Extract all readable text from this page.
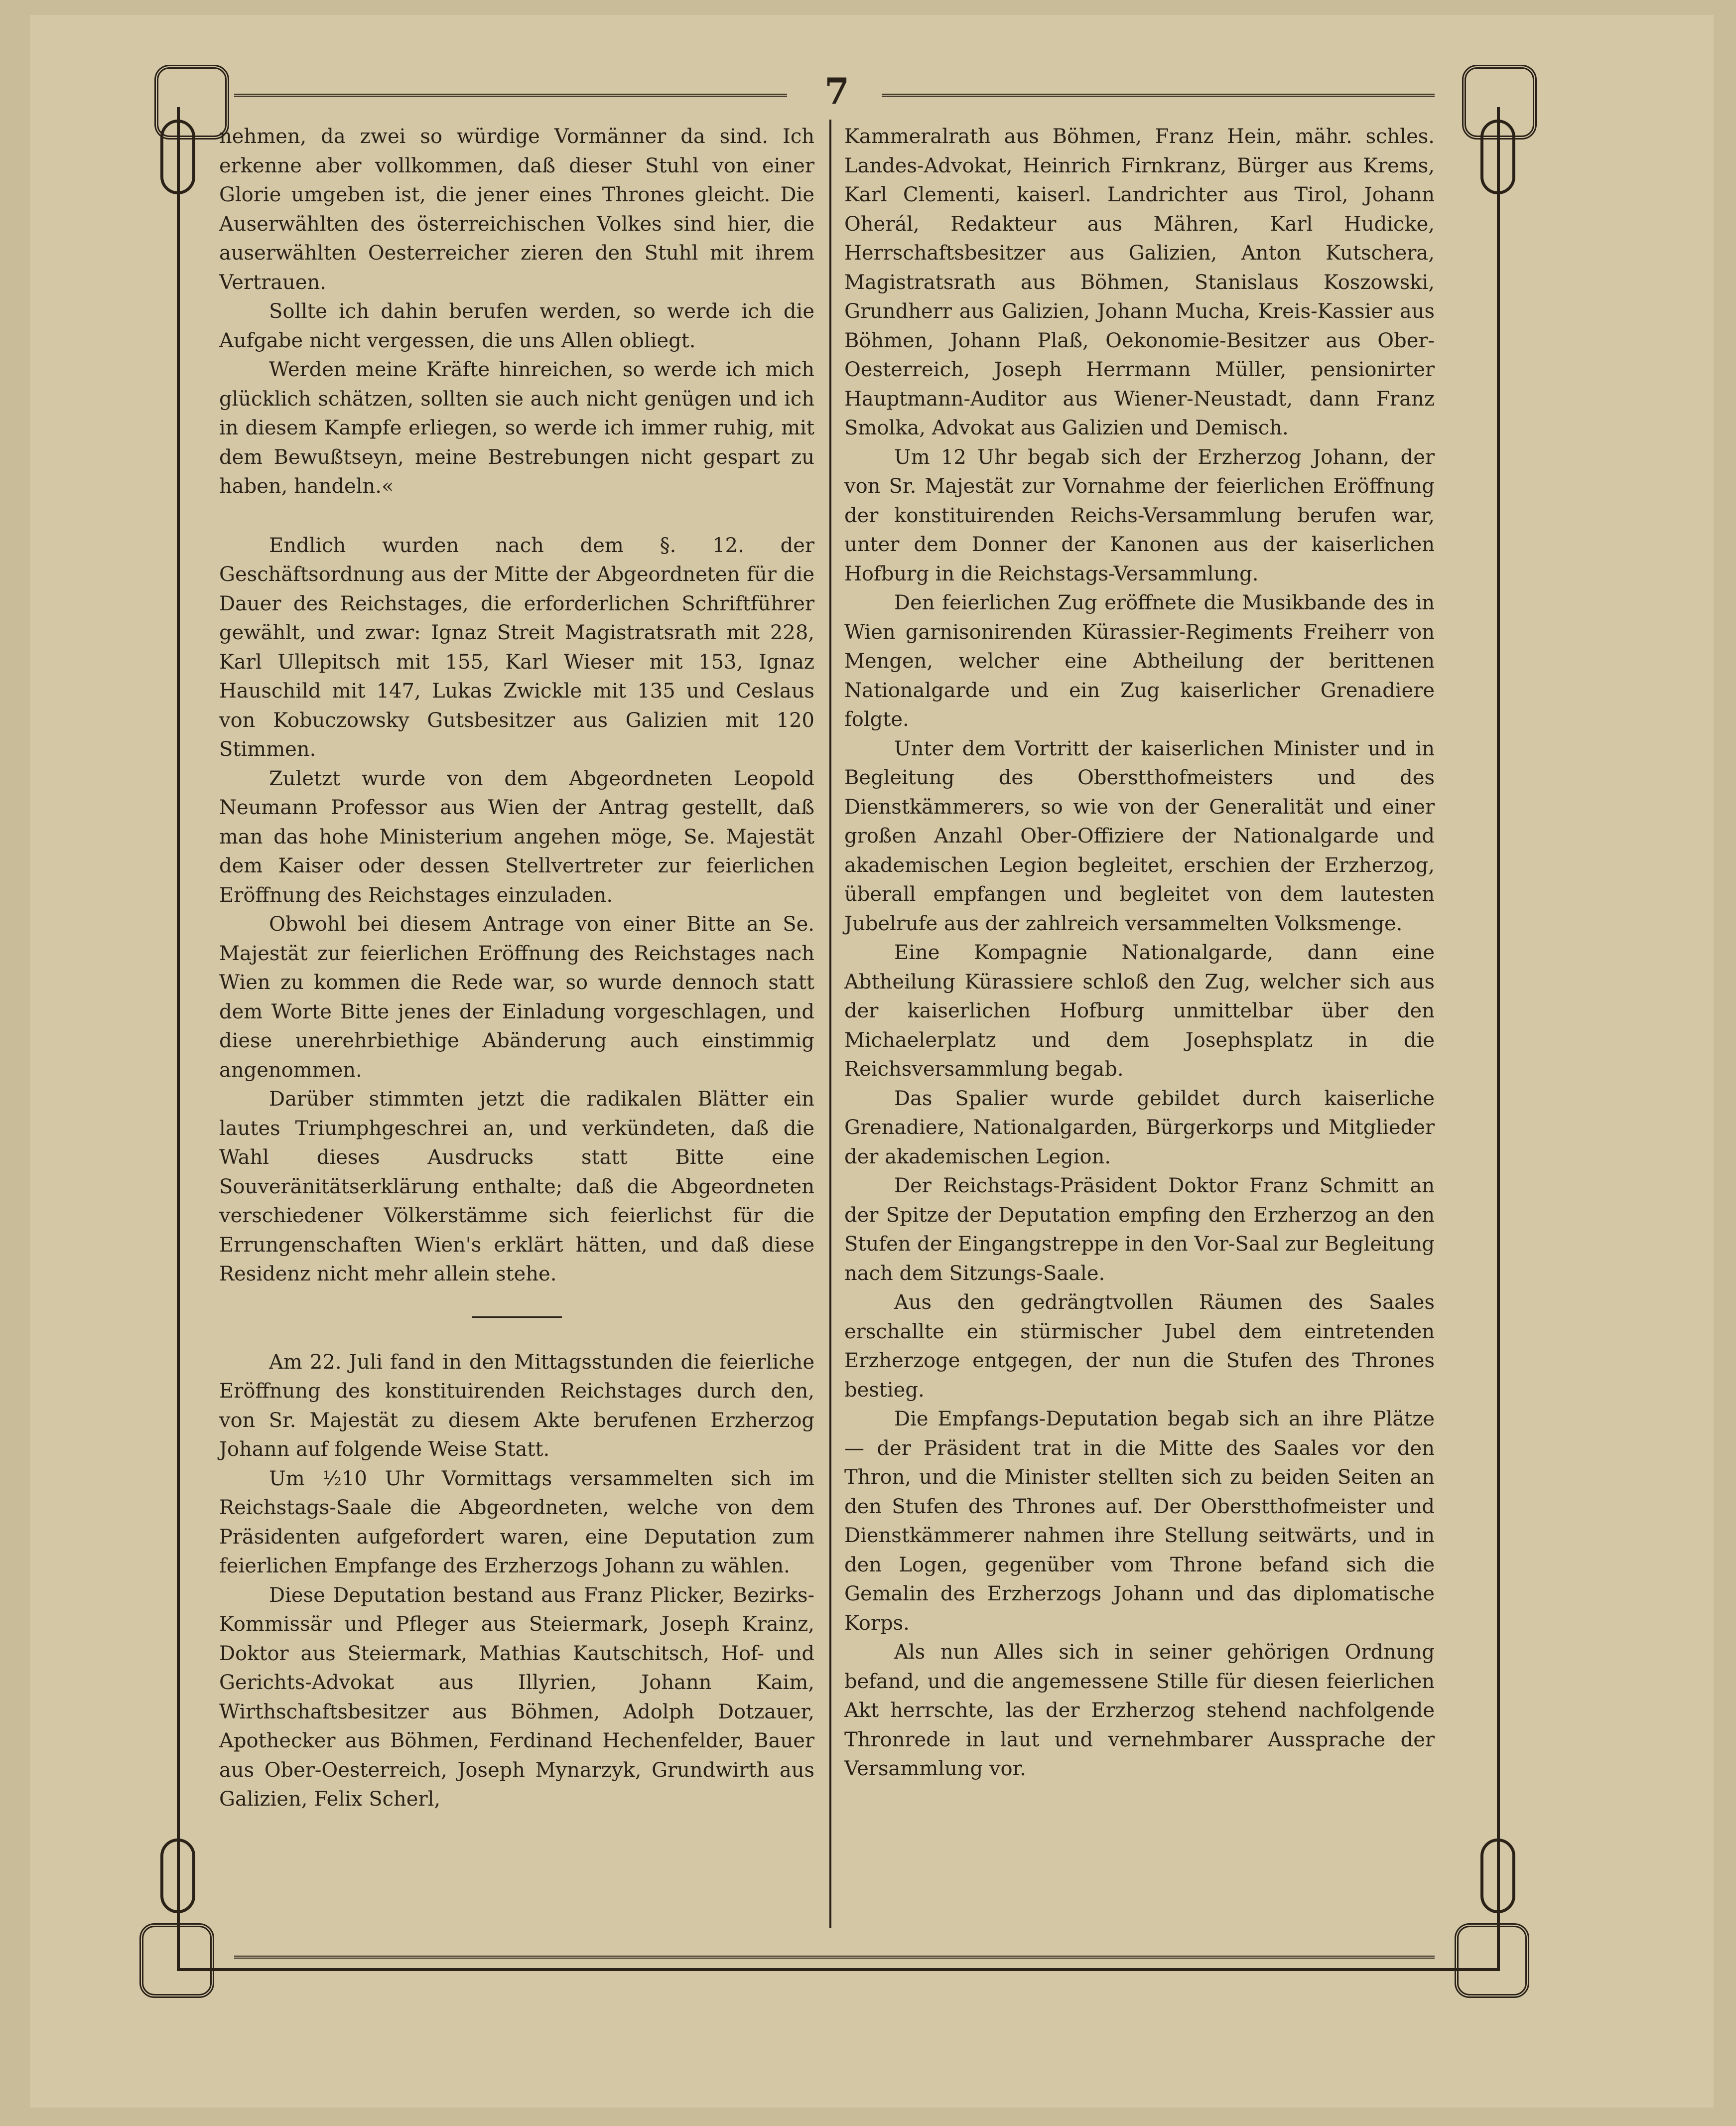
7

nehmen, da zwei so würdige Vormänner da sind. Ich erkenne aber vollkommen, daß dieser Stuhl von einer Glorie umgeben ist, die jener eines Thrones gleicht. Die Auserwählten des österreichischen Volkes sind hier, die auserwählten Oesterreicher zieren den Stuhl mit ihrem Vertrauen.

Sollte ich dahin berufen werden, so werde ich die Aufgabe nicht vergessen, die uns Allen obliegt.

Werden meine Kräfte hinreichen, so werde ich mich glücklich schätzen, sollten sie auch nicht genügen und ich in diesem Kampfe erliegen, so werde ich immer ruhig, mit dem Bewußtseyn, meine Bestrebungen nicht gespart zu haben, handeln.«

Endlich wurden nach dem §. 12. der Geschäftsordnung aus der Mitte der Abgeordneten für die Dauer des Reichstages, die erforderlichen Schriftführer gewählt, und zwar: Ignaz Streit Magistratsrath mit 228, Karl Ullepitsch mit 155, Karl Wieser mit 153, Ignaz Hauschild mit 147, Lukas Zwickle mit 135 und Ceslaus von Kobuczowsky Gutsbesitzer aus Galizien mit 120 Stimmen.

Zuletzt wurde von dem Abgeordneten Leopold Neumann Professor aus Wien der Antrag gestellt, daß man das hohe Ministerium angehen möge, Se. Majestät dem Kaiser oder dessen Stellvertreter zur feierlichen Eröffnung des Reichstages einzuladen.

Obwohl bei diesem Antrage von einer Bitte an Se. Majestät zur feierlichen Eröffnung des Reichstages nach Wien zu kommen die Rede war, so wurde dennoch statt dem Worte Bitte jenes der Einladung vorgeschlagen, und diese unerehrbiethige Abänderung auch einstimmig angenommen.

Darüber stimmten jetzt die radikalen Blätter ein lautes Triumphgeschrei an, und verkündeten, daß die Wahl dieses Ausdrucks statt Bitte eine Souveränitätserklärung enthalte; daß die Abgeordneten verschiedener Völkerstämme sich feierlichst für die Errungenschaften Wien's erklärt hätten, und daß diese Residenz nicht mehr allein stehe.

Am 22. Juli fand in den Mittagsstunden die feierliche Eröffnung des konstituirenden Reichstages durch den, von Sr. Majestät zu diesem Akte berufenen Erzherzog Johann auf folgende Weise Statt.

Um ½10 Uhr Vormittags versammelten sich im Reichstags-Saale die Abgeordneten, welche von dem Präsidenten aufgefordert waren, eine Deputation zum feierlichen Empfange des Erzherzogs Johann zu wählen.

Diese Deputation bestand aus Franz Plicker, Bezirks-Kommissär und Pfleger aus Steiermark, Joseph Krainz, Doktor aus Steiermark, Mathias Kautschitsch, Hof- und Gerichts-Advokat aus Illyrien, Johann Kaim, Wirthschaftsbesitzer aus Böhmen, Adolph Dotzauer, Apothecker aus Böhmen, Ferdinand Hechenfelder, Bauer aus Ober-Oesterreich, Joseph Mynarzyk, Grundwirth aus Galizien, Felix Scherl,

Kammeralrath aus Böhmen, Franz Hein, mähr. schles. Landes-Advokat, Heinrich Firnkranz, Bürger aus Krems, Karl Clementi, kaiserl. Landrichter aus Tirol, Johann Oherál, Redakteur aus Mähren, Karl Hudicke, Herrschaftsbesitzer aus Galizien, Anton Kutschera, Magistratsrath aus Böhmen, Stanislaus Koszowski, Grundherr aus Galizien, Johann Mucha, Kreis-Kassier aus Böhmen, Johann Plaß, Oekonomie-Besitzer aus Ober-Oesterreich, Joseph Herrmann Müller, pensionirter Hauptmann-Auditor aus Wiener-Neustadt, dann Franz Smolka, Advokat aus Galizien und Demisch.

Um 12 Uhr begab sich der Erzherzog Johann, der von Sr. Majestät zur Vornahme der feierlichen Eröffnung der konstituirenden Reichs-Versammlung berufen war, unter dem Donner der Kanonen aus der kaiserlichen Hofburg in die Reichstags-Versammlung.

Den feierlichen Zug eröffnete die Musikbande des in Wien garnisonirenden Kürassier-Regiments Freiherr von Mengen, welcher eine Abtheilung der berittenen Nationalgarde und ein Zug kaiserlicher Grenadiere folgte.

Unter dem Vortritt der kaiserlichen Minister und in Begleitung des Oberstthofmeisters und des Dienstkämmerers, so wie von der Generalität und einer großen Anzahl Ober-Offiziere der Nationalgarde und akademischen Legion begleitet, erschien der Erzherzog, überall empfangen und begleitet von dem lautesten Jubelrufe aus der zahlreich versammelten Volksmenge.

Eine Kompagnie Nationalgarde, dann eine Abtheilung Kürassiere schloß den Zug, welcher sich aus der kaiserlichen Hofburg unmittelbar über den Michaelerplatz und dem Josephsplatz in die Reichsversammlung begab.

Das Spalier wurde gebildet durch kaiserliche Grenadiere, Nationalgarden, Bürgerkorps und Mitglieder der akademischen Legion.

Der Reichstags-Präsident Doktor Franz Schmitt an der Spitze der Deputation empfing den Erzherzog an den Stufen der Eingangstreppe in den Vor-Saal zur Begleitung nach dem Sitzungs-Saale.

Aus den gedrängtvollen Räumen des Saales erschallte ein stürmischer Jubel dem eintretenden Erzherzoge entgegen, der nun die Stufen des Thrones bestieg.

Die Empfangs-Deputation begab sich an ihre Plätze — der Präsident trat in die Mitte des Saales vor den Thron, und die Minister stellten sich zu beiden Seiten an den Stufen des Thrones auf. Der Oberstthofmeister und Dienstkämmerer nahmen ihre Stellung seitwärts, und in den Logen, gegenüber vom Throne befand sich die Gemalin des Erzherzogs Johann und das diplomatische Korps.

Als nun Alles sich in seiner gehörigen Ordnung befand, und die angemessene Stille für diesen feierlichen Akt herrschte, las der Erzherzog stehend nachfolgende Thronrede in laut und vernehmbarer Aussprache der Versammlung vor.
